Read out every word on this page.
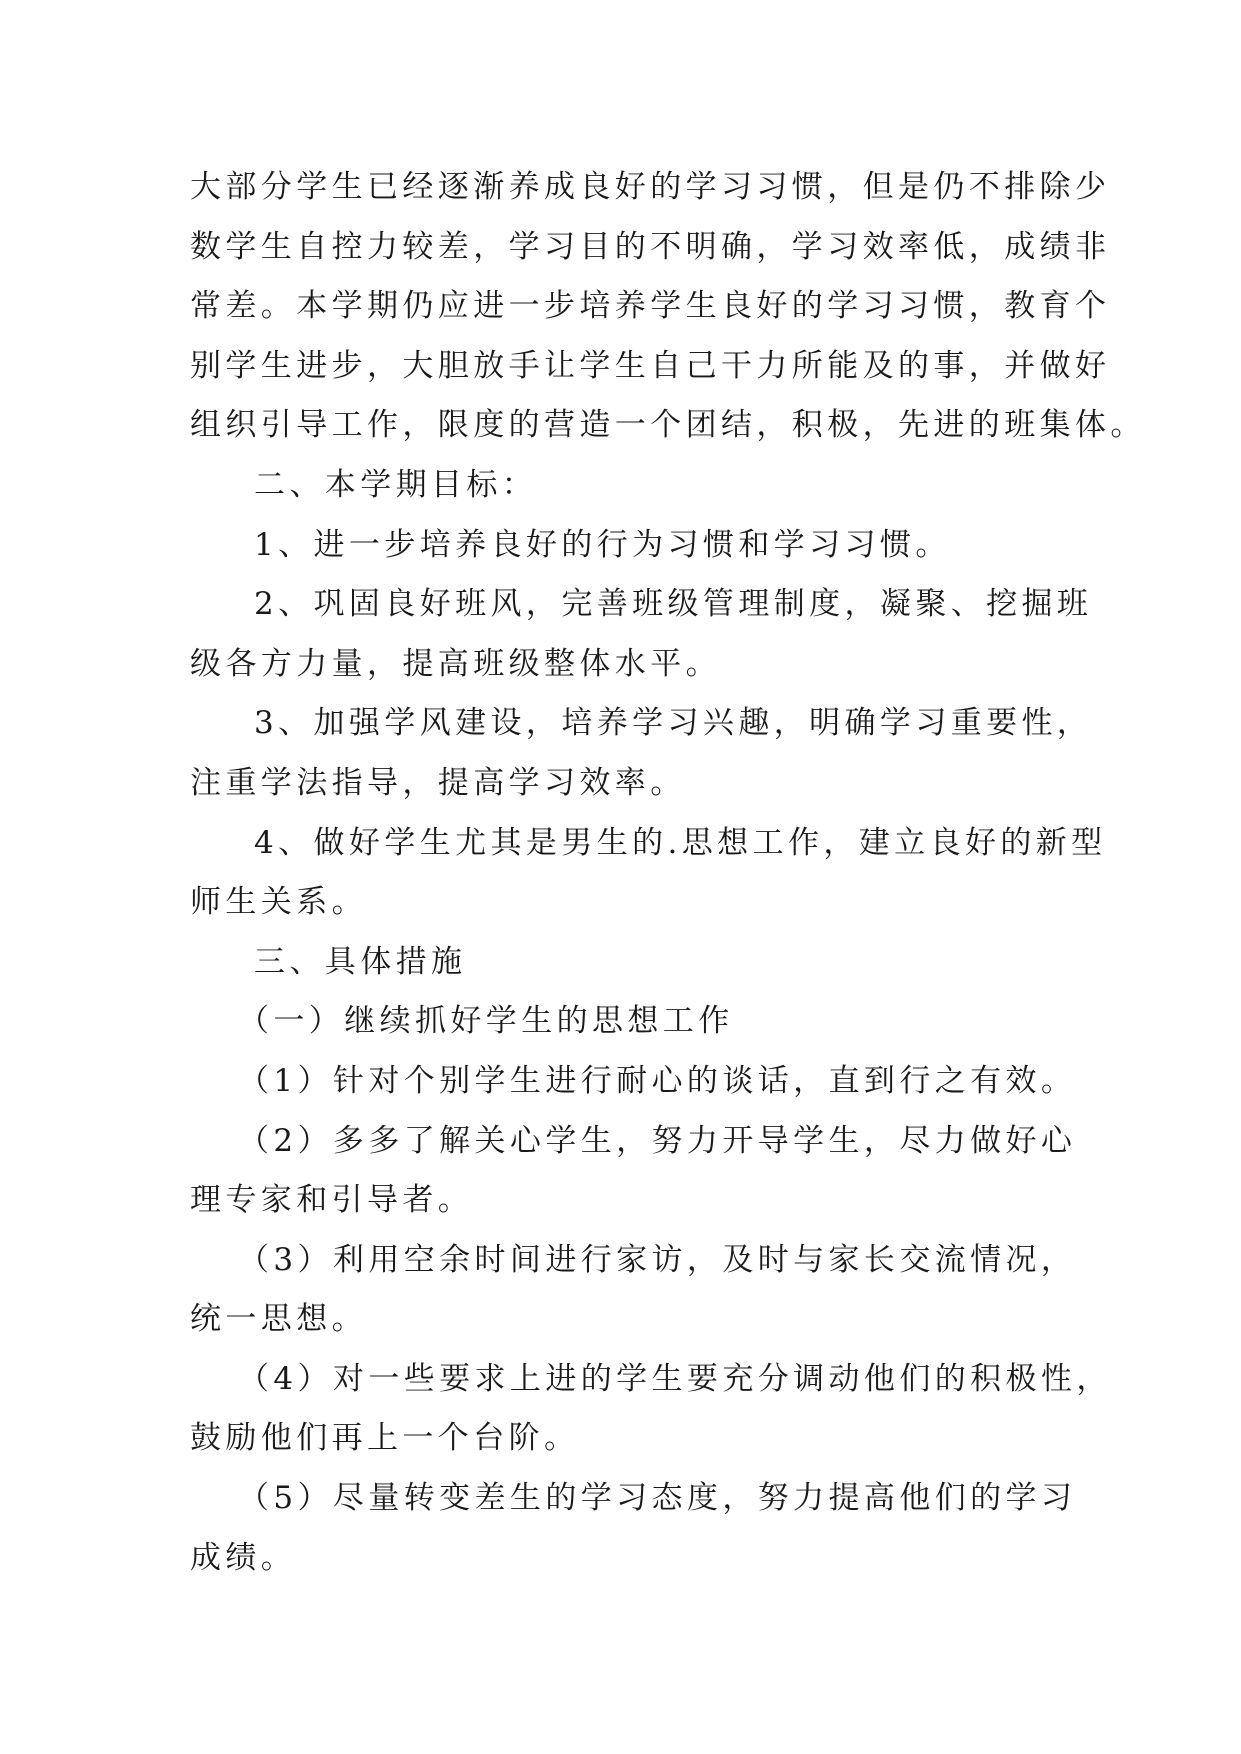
大部分学生已经逐渐养成良好的学习习惯，但是仍不排除少
数学生自控力较差，学习目的不明确，学习效率低，成绩非
常差。本学期仍应进一步培养学生良好的学习习惯，教育个
别学生进步，大胆放手让学生自己干力所能及的事，并做好
组织引导工作，限度的营造一个团结，积极，先进的班集体。
二、本学期目标：
1、进一步培养良好的行为习惯和学习习惯。
2、巩固良好班风，完善班级管理制度，凝聚、挖掘班
级各方力量，提高班级整体水平。
3、加强学风建设，培养学习兴趣，明确学习重要性，
注重学法指导，提高学习效率。
4、做好学生尤其是男生的.思想工作，建立良好的新型
师生关系。
三、具体措施
（一）继续抓好学生的思想工作
（1）针对个别学生进行耐心的谈话，直到行之有效。
（2）多多了解关心学生，努力开导学生，尽力做好心
理专家和引导者。
（3）利用空余时间进行家访，及时与家长交流情况，
统一思想。
（4）对一些要求上进的学生要充分调动他们的积极性，
鼓励他们再上一个台阶。
（5）尽量转变差生的学习态度，努力提高他们的学习
成绩。
